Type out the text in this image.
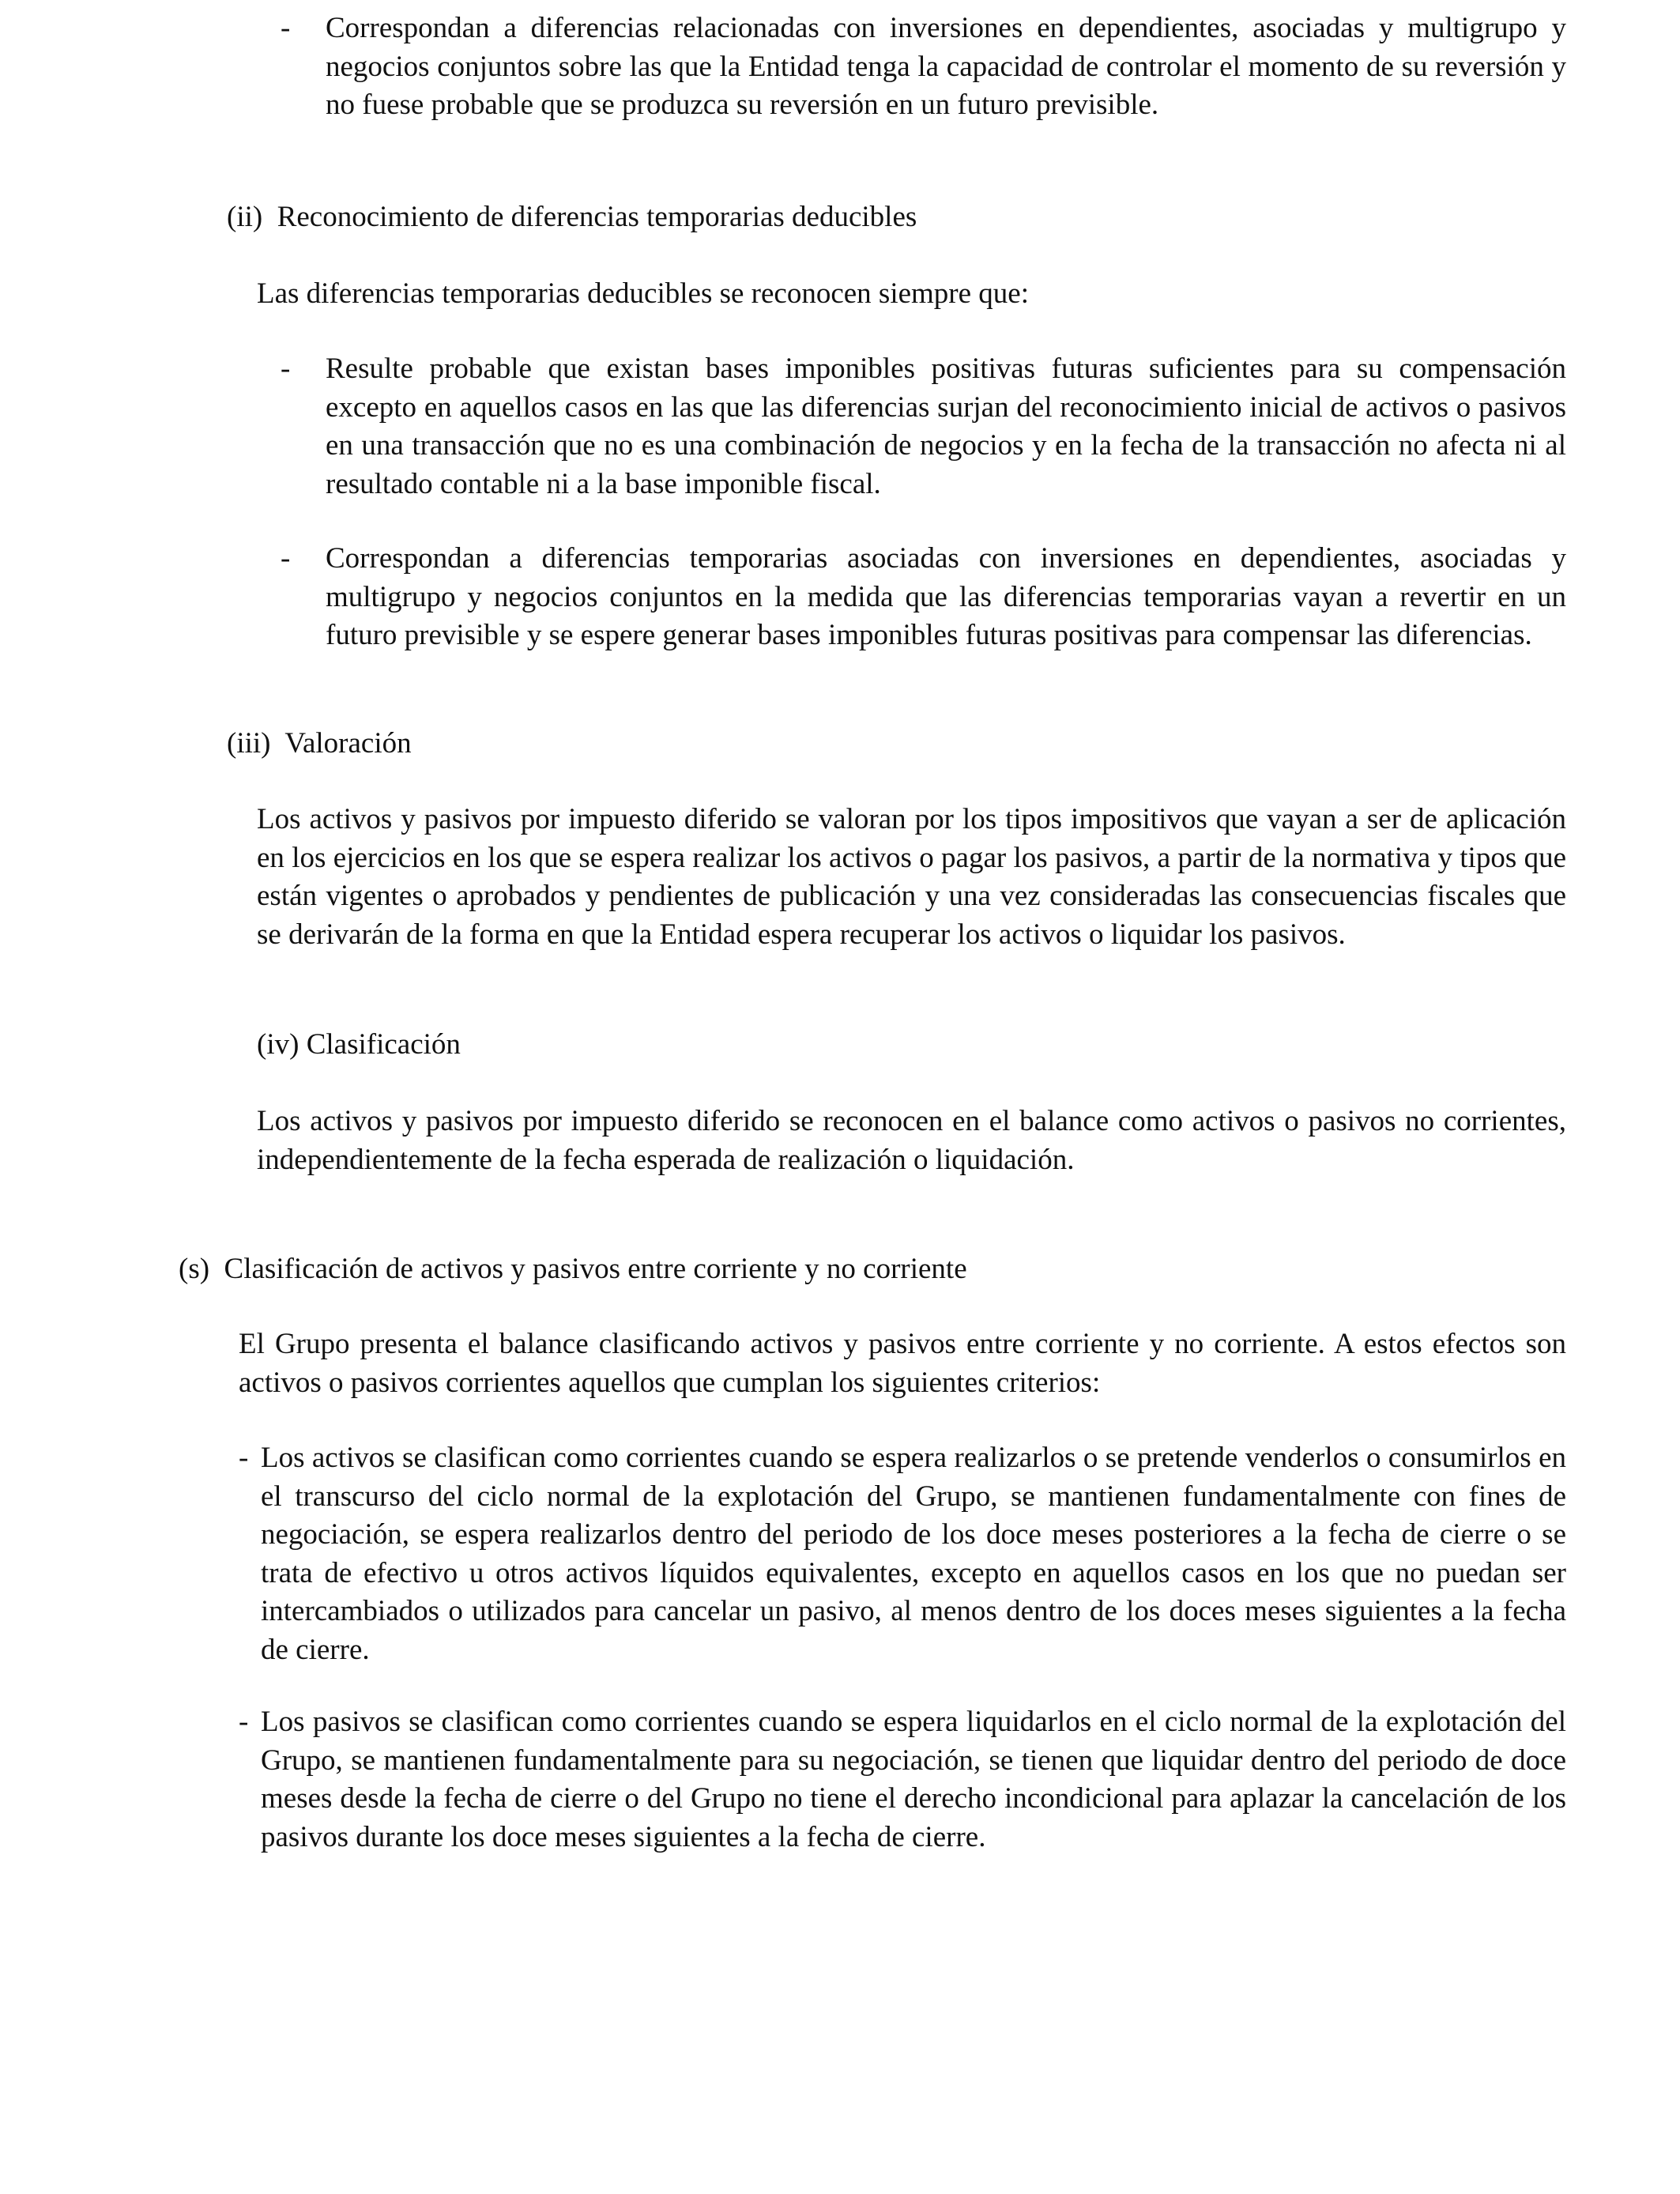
- Correspondan a diferencias relacionadas con inversiones en dependientes, asociadas y multigrupo y negocios conjuntos sobre las que la Entidad tenga la capacidad de controlar el momento de su reversión y no fuese probable que se produzca su reversión en un futuro previsible.
(ii) Reconocimiento de diferencias temporarias deducibles
Las diferencias temporarias deducibles se reconocen siempre que:
- Resulte probable que existan bases imponibles positivas futuras suficientes para su compensación excepto en aquellos casos en las que las diferencias surjan del reconocimiento inicial de activos o pasivos en una transacción que no es una combinación de negocios y en la fecha de la transacción no afecta ni al resultado contable ni a la base imponible fiscal.
- Correspondan a diferencias temporarias asociadas con inversiones en dependientes, asociadas y multigrupo y negocios conjuntos en la medida que las diferencias temporarias vayan a revertir en un futuro previsible y se espere generar bases imponibles futuras positivas para compensar las diferencias.
(iii) Valoración
Los activos y pasivos por impuesto diferido se valoran por los tipos impositivos que vayan a ser de aplicación en los ejercicios en los que se espera realizar los activos o pagar los pasivos, a partir de la normativa y tipos que están vigentes o aprobados y pendientes de publicación y una vez consideradas las consecuencias fiscales que se derivarán de la forma en que la Entidad espera recuperar los activos o liquidar los pasivos.
(iv) Clasificación
Los activos y pasivos por impuesto diferido se reconocen en el balance como activos o pasivos no corrientes, independientemente de la fecha esperada de realización o liquidación.
(s) Clasificación de activos y pasivos entre corriente y no corriente
El Grupo presenta el balance clasificando activos y pasivos entre corriente y no corriente. A estos efectos son activos o pasivos corrientes aquellos que cumplan los siguientes criterios:
- Los activos se clasifican como corrientes cuando se espera realizarlos o se pretende venderlos o consumirlos en el transcurso del ciclo normal de la explotación del Grupo, se mantienen fundamentalmente con fines de negociación, se espera realizarlos dentro del periodo de los doce meses posteriores a la fecha de cierre o se trata de efectivo u otros activos líquidos equivalentes, excepto en aquellos casos en los que no puedan ser intercambiados o utilizados para cancelar un pasivo, al menos dentro de los doces meses siguientes a la fecha de cierre.
- Los pasivos se clasifican como corrientes cuando se espera liquidarlos en el ciclo normal de la explotación del Grupo, se mantienen fundamentalmente para su negociación, se tienen que liquidar dentro del periodo de doce meses desde la fecha de cierre o del Grupo no tiene el derecho incondicional para aplazar la cancelación de los pasivos durante los doce meses siguientes a la fecha de cierre.
